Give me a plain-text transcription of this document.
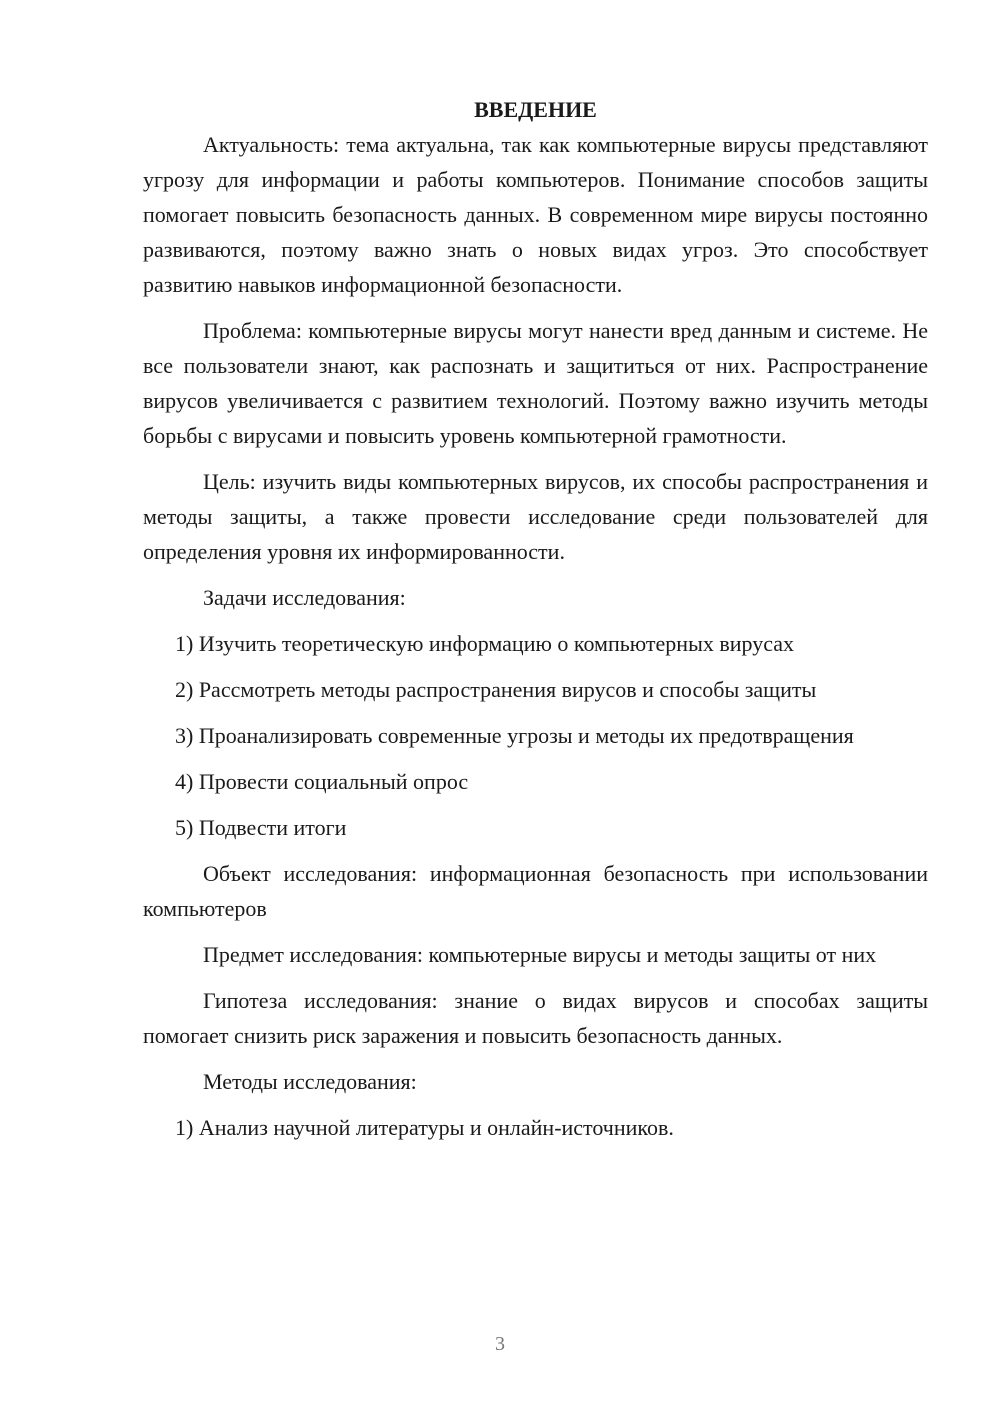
ВВЕДЕНИЕ

Актуальность: тема актуальна, так как компьютерные вирусы представляют угрозу для информации и работы компьютеров. Понимание способов защиты помогает повысить безопасность данных. В современном мире вирусы постоянно развиваются, поэтому важно знать о новых видах угроз. Это способствует развитию навыков информационной безопасности.

Проблема: компьютерные вирусы могут нанести вред данным и системе. Не все пользователи знают, как распознать и защититься от них. Распространение вирусов увеличивается с развитием технологий. Поэтому важно изучить методы борьбы с вирусами и повысить уровень компьютерной грамотности.

Цель: изучить виды компьютерных вирусов, их способы распространения и методы защиты, а также провести исследование среди пользователей для определения уровня их информированности.

Задачи исследования:

1) Изучить теоретическую информацию о компьютерных вирусах

2) Рассмотреть методы распространения вирусов и способы защиты

3) Проанализировать современные угрозы и методы их предотвращения

4) Провести социальный опрос

5) Подвести итоги

Объект исследования: информационная безопасность при использовании компьютеров

Предмет исследования: компьютерные вирусы и методы защиты от них

Гипотеза исследования: знание о видах вирусов и способах защиты помогает снизить риск заражения и повысить безопасность данных.

Методы исследования:

1) Анализ научной литературы и онлайн-источников.

3
